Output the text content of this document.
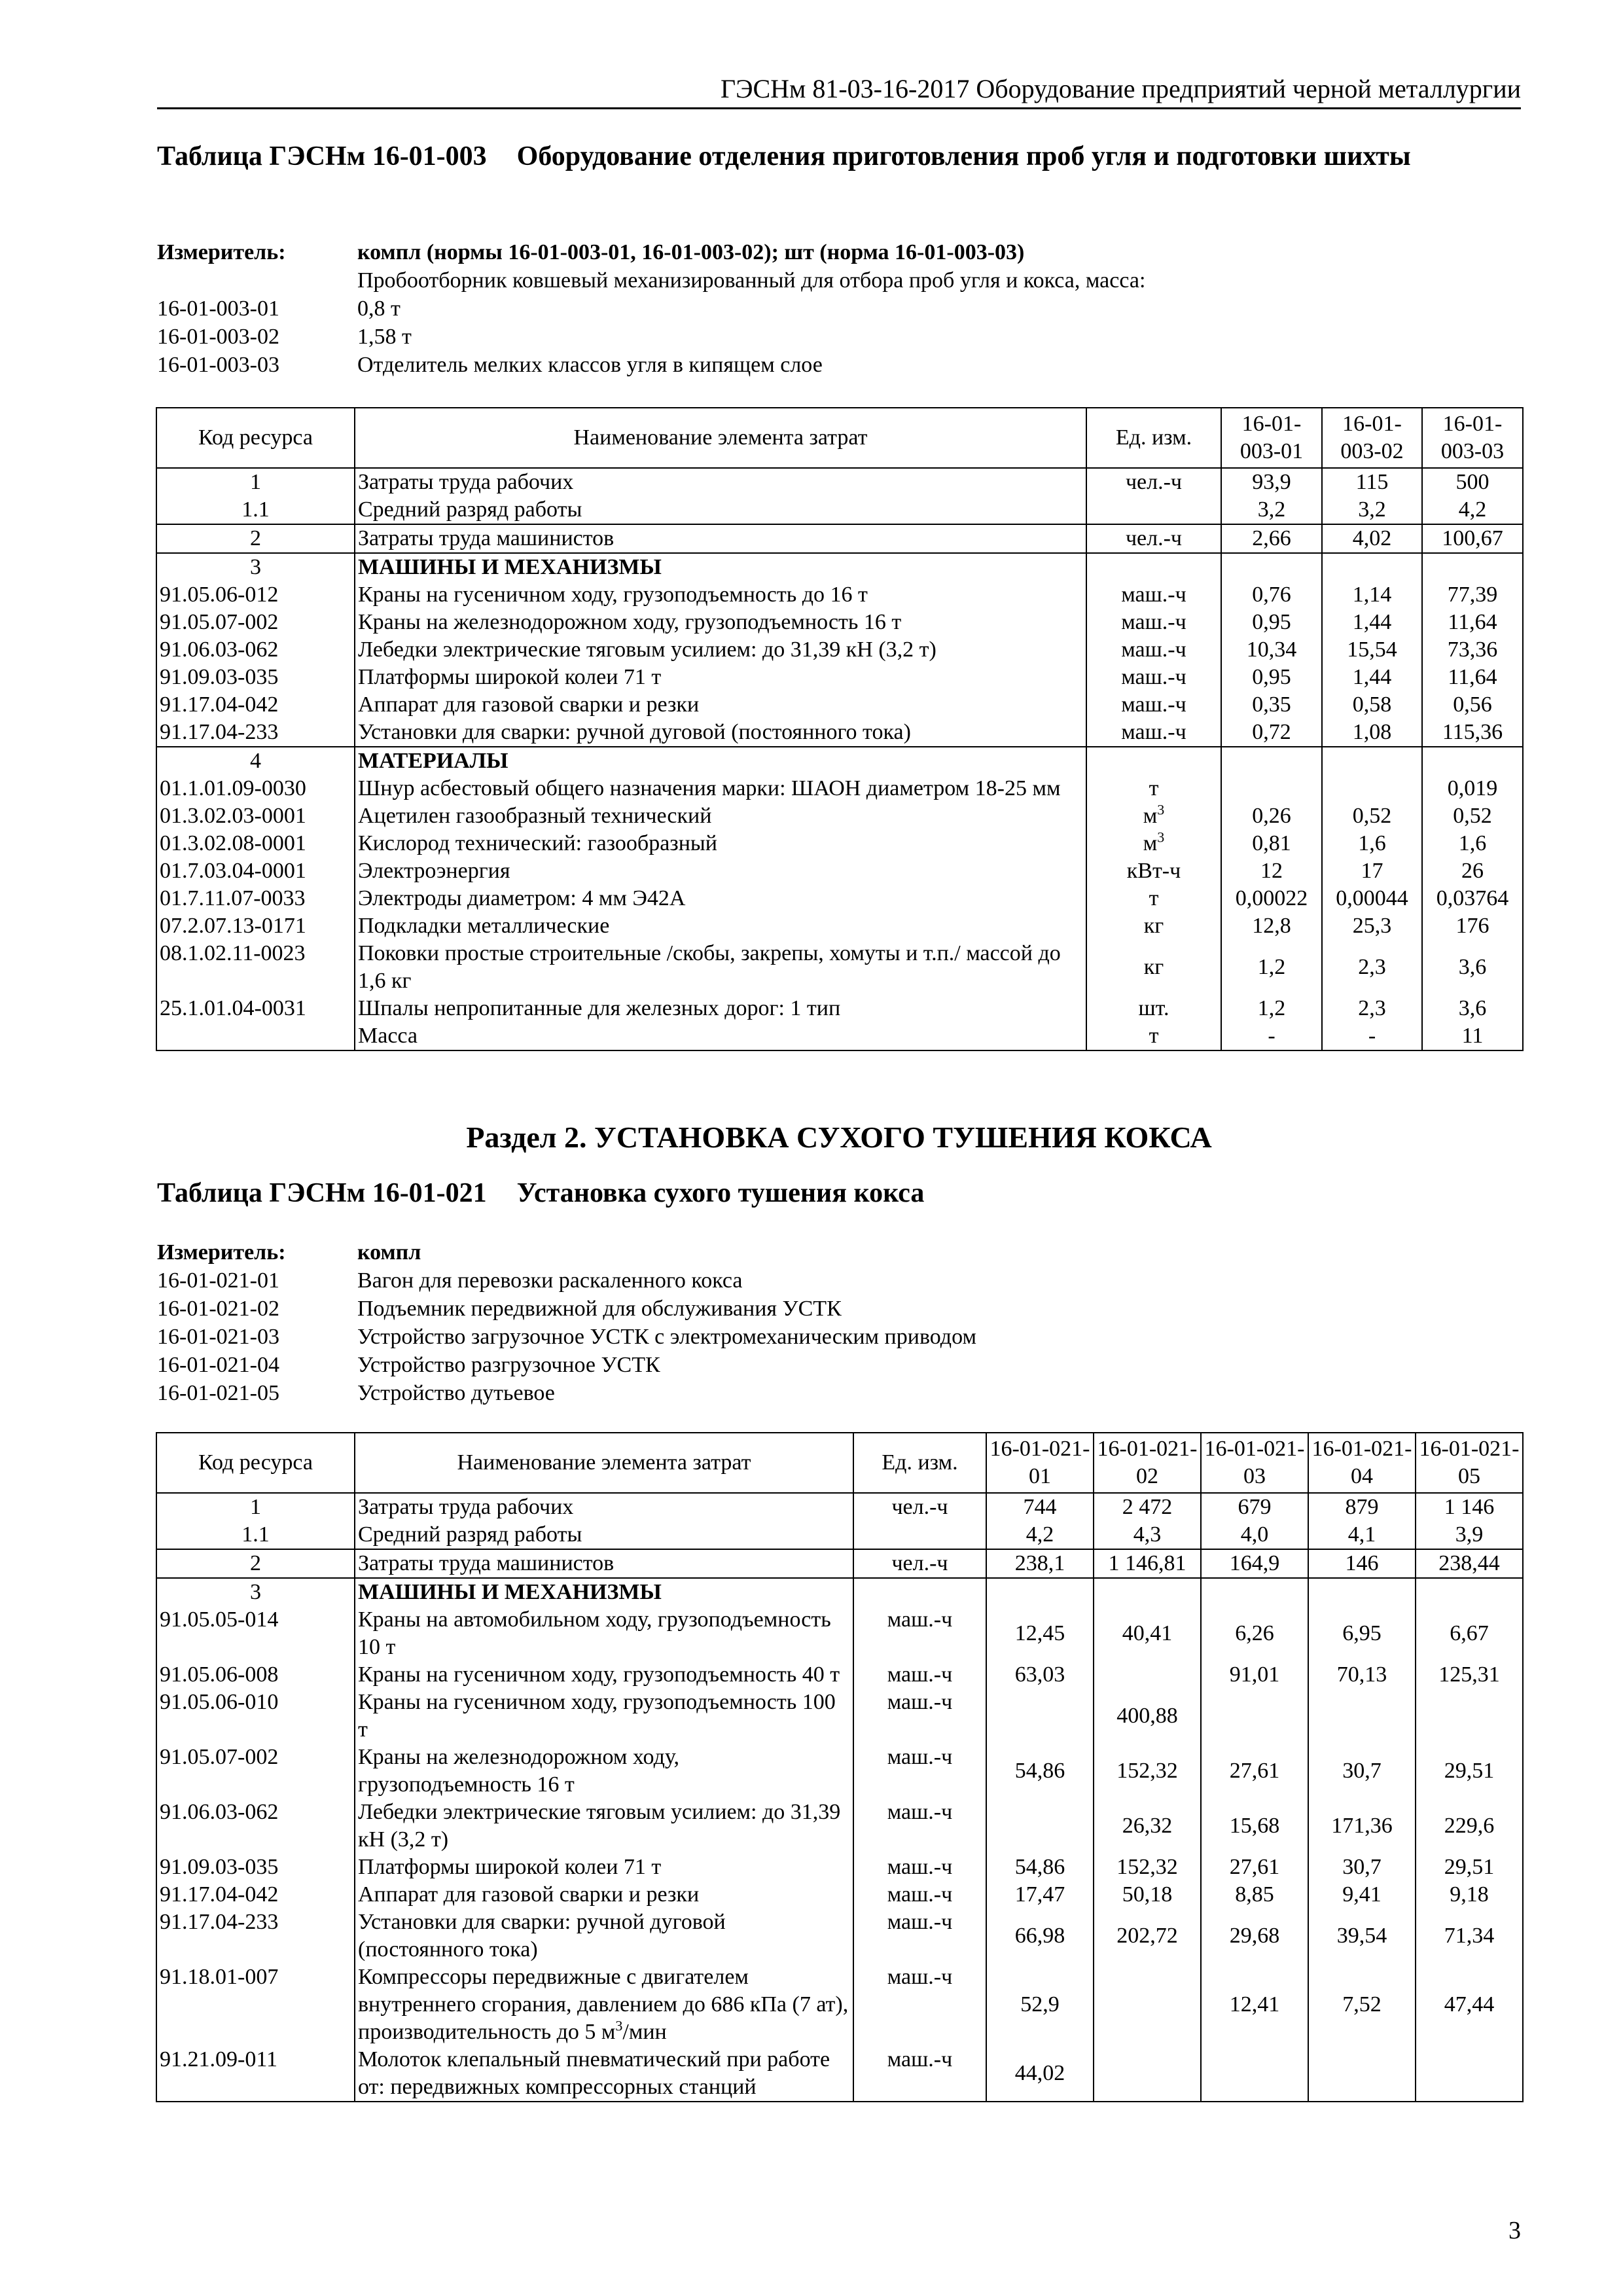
ГЭСНм 81-03-16-2017 Оборудование предприятий черной металлургии
Таблица ГЭСНм 16-01-003	Оборудование отделения приготовления проб угля и подготовки шихты
Измеритель:	компл (нормы 16-01-003-01, 16-01-003-02); шт (норма 16-01-003-03)
Пробоотборник ковшевый механизированный для отбора проб угля и кокса, масса:
16-01-003-01	0,8 т
16-01-003-02	1,58 т
16-01-003-03	Отделитель мелких классов угля в кипящем слое
Код ресурса	Наименование элемента затрат	Ед. изм.	16-01-003-01	16-01-003-02	16-01-003-03
1	Затраты труда рабочих	чел.-ч	93,9	115	500
1.1	Средний разряд работы		3,2	3,2	4,2
2	Затраты труда машинистов	чел.-ч	2,66	4,02	100,67
3	МАШИНЫ И МЕХАНИЗМЫ				
91.05.06-012	Краны на гусеничном ходу, грузоподъемность до 16 т	маш.-ч	0,76	1,14	77,39
91.05.07-002	Краны на железнодорожном ходу, грузоподъемность 16 т	маш.-ч	0,95	1,44	11,64
91.06.03-062	Лебедки электрические тяговым усилием: до 31,39 кН (3,2 т)	маш.-ч	10,34	15,54	73,36
91.09.03-035	Платформы широкой колеи 71 т	маш.-ч	0,95	1,44	11,64
91.17.04-042	Аппарат для газовой сварки и резки	маш.-ч	0,35	0,58	0,56
91.17.04-233	Установки для сварки: ручной дуговой (постоянного тока)	маш.-ч	0,72	1,08	115,36
4	МАТЕРИАЛЫ				
01.1.01.09-0030	Шнур асбестовый общего назначения марки: ШАОН диаметром 18-25 мм	т			0,019
01.3.02.03-0001	Ацетилен газообразный технический	$м^3$	0,26	0,52	0,52
01.3.02.08-0001	Кислород технический: газообразный	$м^3$	0,81	1,6	1,6
01.7.03.04-0001	Электроэнергия	кВт-ч	12	17	26
01.7.11.07-0033	Электроды диаметром: 4 мм Э42А	т	0,00022	0,00044	0,03764
07.2.07.13-0171	Подкладки металлические	кг	12,8	25,3	176
08.1.02.11-0023	Поковки простые строительные /скобы, закрепы, хомуты и т.п./ массой до 1,6 кг	кг	1,2	2,3	3,6
25.1.01.04-0031	Шпалы непропитанные для железных дорог: 1 тип	шт.	1,2	2,3	3,6
	Масса	т	-	-	11
Раздел 2. УСТАНОВКА СУХОГО ТУШЕНИЯ КОКСА
Таблица ГЭСНм 16-01-021	Установка сухого тушения кокса
Измеритель:	компл
16-01-021-01	Вагон для перевозки раскаленного кокса
16-01-021-02	Подъемник передвижной для обслуживания УСТК
16-01-021-03	Устройство загрузочное УСТК с электромеханическим приводом
16-01-021-04	Устройство разгрузочное УСТК
16-01-021-05	Устройство дутьевое
Код ресурса	Наименование элемента затрат	Ед. изм.	16-01-021-01	16-01-021-02	16-01-021-03	16-01-021-04	16-01-021-05
1	Затраты труда рабочих	чел.-ч	744	2 472	679	879	1 146
1.1	Средний разряд работы		4,2	4,3	4,0	4,1	3,9
2	Затраты труда машинистов	чел.-ч	238,1	1 146,81	164,9	146	238,44
3	МАШИНЫ И МЕХАНИЗМЫ						
91.05.05-014	Краны на автомобильном ходу, грузоподъемность 10 т	маш.-ч	12,45	40,41	6,26	6,95	6,67
91.05.06-008	Краны на гусеничном ходу, грузоподъемность 40 т	маш.-ч	63,03		91,01	70,13	125,31
91.05.06-010	Краны на гусеничном ходу, грузоподъемность 100 т	маш.-ч		400,88			
91.05.07-002	Краны на железнодорожном ходу, грузоподъемность 16 т	маш.-ч	54,86	152,32	27,61	30,7	29,51
91.06.03-062	Лебедки электрические тяговым усилием: до 31,39 кН (3,2 т)	маш.-ч		26,32	15,68	171,36	229,6
91.09.03-035	Платформы широкой колеи 71 т	маш.-ч	54,86	152,32	27,61	30,7	29,51
91.17.04-042	Аппарат для газовой сварки и резки	маш.-ч	17,47	50,18	8,85	9,41	9,18
91.17.04-233	Установки для сварки: ручной дуговой (постоянного тока)	маш.-ч	66,98	202,72	29,68	39,54	71,34
91.18.01-007	Компрессоры передвижные с двигателем внутреннего сгорания, давлением до 686 кПа (7 ат), производительность до 5 $м^3$/мин	маш.-ч	52,9		12,41	7,52	47,44
91.21.09-011	Молоток клепальный пневматический при работе от: передвижных компрессорных станций	маш.-ч	44,02				
3
